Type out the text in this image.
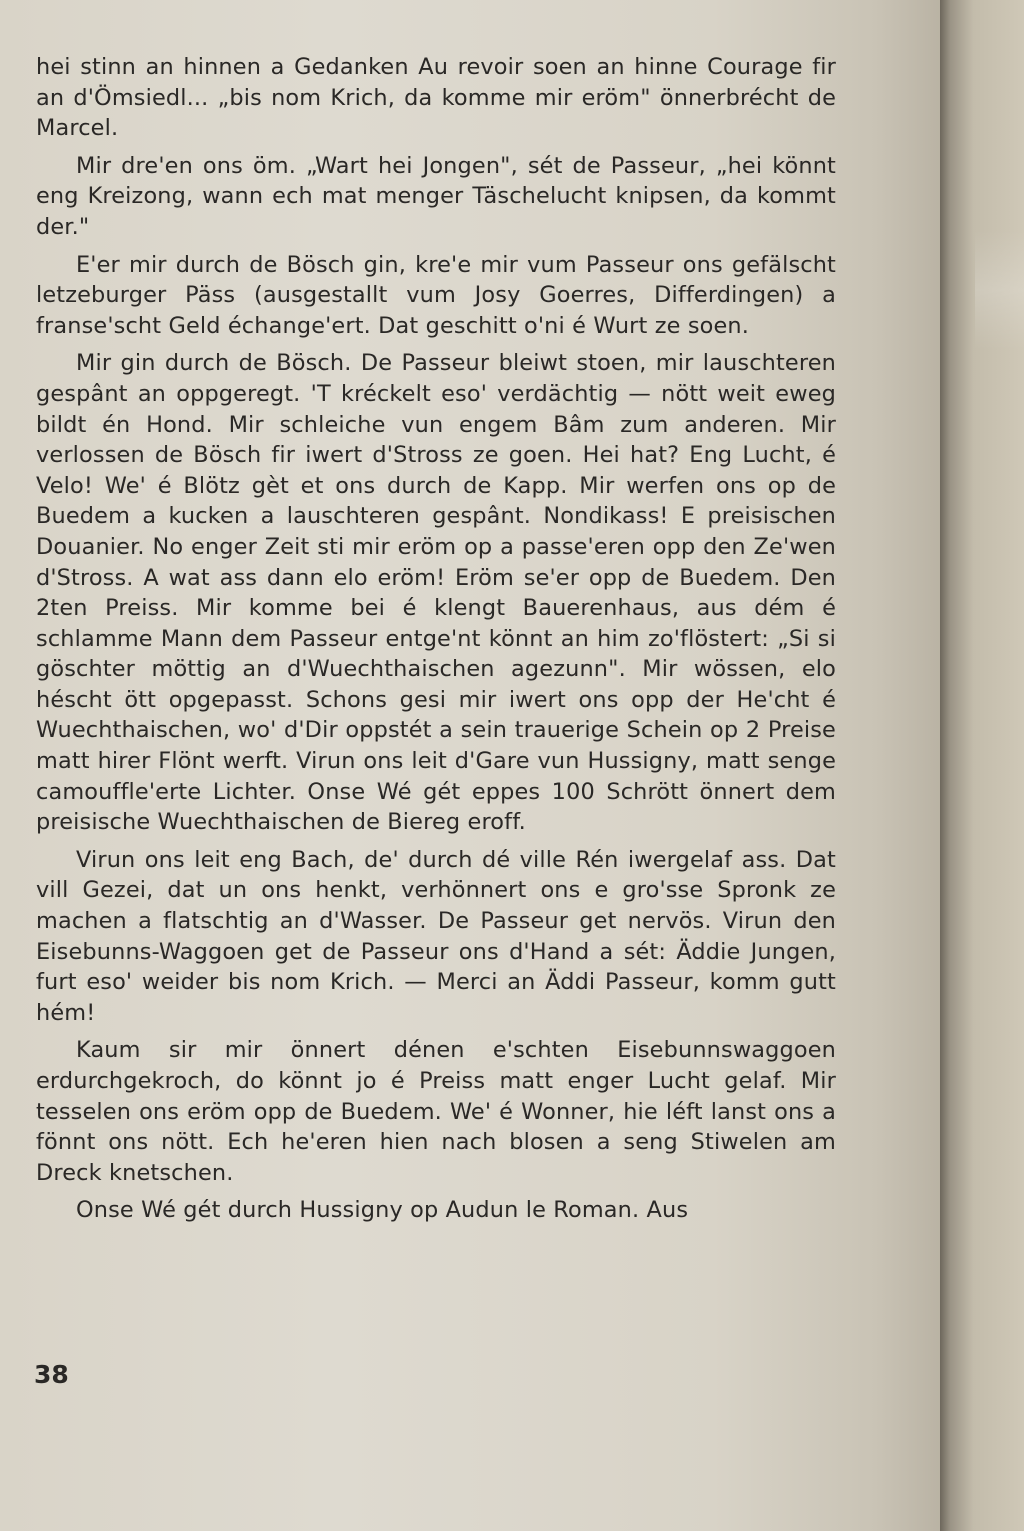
hei stinn an hinnen a Gedanken Au revoir soen an hinne Courage fir an d'Ömsiedl... „bis nom Krich, da komme mir eröm" önnerbrécht de Marcel.

Mir dre'en ons öm. „Wart hei Jongen", sét de Passeur, „hei könnt eng Kreizong, wann ech mat menger Täschelucht knipsen, da kommt der."

E'er mir durch de Bösch gin, kre'e mir vum Passeur ons gefälscht letzeburger Päss (ausgestallt vum Josy Goerres, Differdingen) a franse'scht Geld échange'ert. Dat geschitt o'ni é Wurt ze soen.

Mir gin durch de Bösch. De Passeur bleiwt stoen, mir lauschteren gespânt an oppgeregt. 'T kréckelt eso' verdächtig — nött weit eweg bildt én Hond. Mir schleiche vun engem Bâm zum anderen. Mir verlossen de Bösch fir iwert d'Stross ze goen. Hei hat? Eng Lucht, é Velo! We' é Blötz gèt et ons durch de Kapp. Mir werfen ons op de Buedem a kucken a lauschteren gespânt. Nondikass! E preisischen Douanier. No enger Zeit sti mir eröm op a passe'eren opp den Ze'wen d'Stross. A wat ass dann elo eröm! Eröm se'er opp de Buedem. Den 2ten Preiss. Mir komme bei é klengt Bauerenhaus, aus dém é schlamme Mann dem Passeur entge'nt könnt an him zo'flöstert: „Si si göschter möttig an d'Wuechthaischen agezunn". Mir wössen, elo héscht ött opgepasst. Schons gesi mir iwert ons opp der He'cht é Wuechthaischen, wo' d'Dir oppstét a sein trauerige Schein op 2 Preise matt hirer Flönt werft. Virun ons leit d'Gare vun Hussigny, matt senge camouffle'erte Lichter. Onse Wé gét eppes 100 Schrött önnert dem preisische Wuechthaischen de Biereg eroff.

Virun ons leit eng Bach, de' durch dé ville Rén iwergelaf ass. Dat vill Gezei, dat un ons henkt, verhönnert ons e gro'sse Spronk ze machen a flatschtig an d'Wasser. De Passeur get nervös. Virun den Eisebunns-Waggoen get de Passeur ons d'Hand a sét: Äddie Jungen, furt eso' weider bis nom Krich. — Merci an Äddi Passeur, komm gutt hém!

Kaum sir mir önnert dénen e'schten Eisebunnswaggoen erdurchgekroch, do könnt jo é Preiss matt enger Lucht gelaf. Mir tesselen ons eröm opp de Buedem. We' é Wonner, hie léft lanst ons a fönnt ons nött. Ech he'eren hien nach blosen a seng Stiwelen am Dreck knetschen.

Onse Wé gét durch Hussigny op Audun le Roman. Aus

38
